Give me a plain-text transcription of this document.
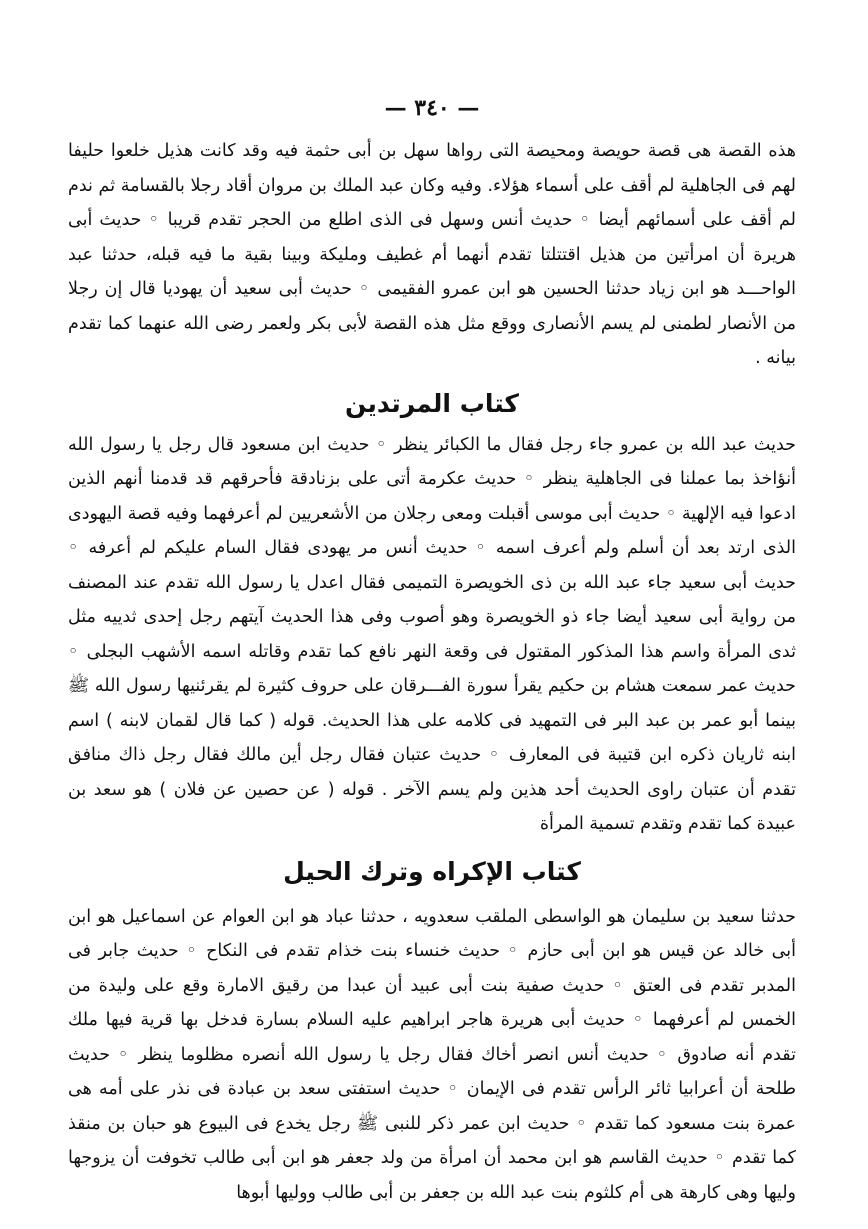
— ٣٤٠ —

هذه القصة هى قصة حويصة ومحيصة التى رواها سهل بن أبى حثمة فيه وقد كانت هذيل خلعوا حليفا لهم فى الجاهلية لم أقف على أسماء هؤلاء. وفيه وكان عبد الملك بن مروان أقاد رجلا بالقسامة ثم ندم لم أقف على أسمائهم أيضا ◦ حديث أنس وسهل فى الذى اطلع من الحجر تقدم قريبا ◦ حديث أبى هريرة أن امرأتين من هذيل اقتتلتا تقدم أنهما أم غطيف ومليكة وبينا بقية ما فيه قبله، حدثنا عبد الواحـــد هو ابن زياد حدثنا الحسين هو ابن عمرو الفقيمى ◦ حديث أبى سعيد أن يهوديا قال إن رجلا من الأنصار لطمنى لم يسم الأنصارى ووقع مثل هذه القصة لأبى بكر ولعمر رضى الله عنهما كما تقدم بيانه .

كتاب المرتدين

حديث عبد الله بن عمرو جاء رجل فقال ما الكبائر ينظر ◦ حديث ابن مسعود قال رجل يا رسول الله أنؤاخذ بما عملنا فى الجاهلية ينظر ◦ حديث عكرمة أتى على بزنادقة فأحرقهم قد قدمنا أنهم الذين ادعوا فيه الإلهية ◦ حديث أبى موسى أقبلت ومعى رجلان من الأشعريين لم أعرفهما وفيه قصة اليهودى الذى ارتد بعد أن أسلم ولم أعرف اسمه ◦ حديث أنس مر يهودى فقال السام عليكم لم أعرفه ◦ حديث أبى سعيد جاء عبد الله بن ذى الخويصرة التميمى فقال اعدل يا رسول الله تقدم عند المصنف من رواية أبى سعيد أيضا جاء ذو الخويصرة وهو أصوب وفى هذا الحديث آيتهم رجل إحدى ثدييه مثل ثدى المرأة واسم هذا المذكور المقتول فى وقعة النهر نافع كما تقدم وقاتله اسمه الأشهب البجلى ◦ حديث عمر سمعت هشام بن حكيم يقرأ سورة الفـــرقان على حروف كثيرة لم يقرئنيها رسول الله ﷺ بينما أبو عمر بن عبد البر فى التمهيد فى كلامه على هذا الحديث. قوله ( كما قال لقمان لابنه ) اسم ابنه ثاريان ذكره ابن قتيبة فى المعارف ◦ حديث عتبان فقال رجل أين مالك فقال رجل ذاك منافق تقدم أن عتبان راوى الحديث أحد هذين ولم يسم الآخر . قوله ( عن حصين عن فلان ) هو سعد بن عبيدة كما تقدم وتقدم تسمية المرأة

كتاب الإكراه وترك الحيل

حدثنا سعيد بن سليمان هو الواسطى الملقب سعدويه ، حدثنا عباد هو ابن العوام عن اسماعيل هو ابن أبى خالد عن قيس هو ابن أبى حازم ◦ حديث خنساء بنت خذام تقدم فى النكاح ◦ حديث جابر فى المدبر تقدم فى العتق ◦ حديث صفية بنت أبى عبيد أن عبدا من رقيق الامارة وقع على وليدة من الخمس لم أعرفهما ◦ حديث أبى هريرة هاجر ابراهيم عليه السلام بسارة فدخل بها قرية فيها ملك تقدم أنه صادوق ◦ حديث أنس انصر أخاك فقال رجل يا رسول الله أنصره مظلوما ينظر ◦ حديث طلحة أن أعرابيا ثائر الرأس تقدم فى الإيمان ◦ حديث استفتى سعد بن عبادة فى نذر على أمه هى عمرة بنت مسعود كما تقدم ◦ حديث ابن عمر ذكر للنبى ﷺ رجل يخدع فى البيوع هو حبان بن منقذ كما تقدم ◦ حديث القاسم هو ابن محمد أن امرأة من ولد جعفر هو ابن أبى طالب تخوفت أن يزوجها وليها وهى كارهة هى أم كلثوم بنت عبد الله بن جعفر بن أبى طالب ووليها أبوها
